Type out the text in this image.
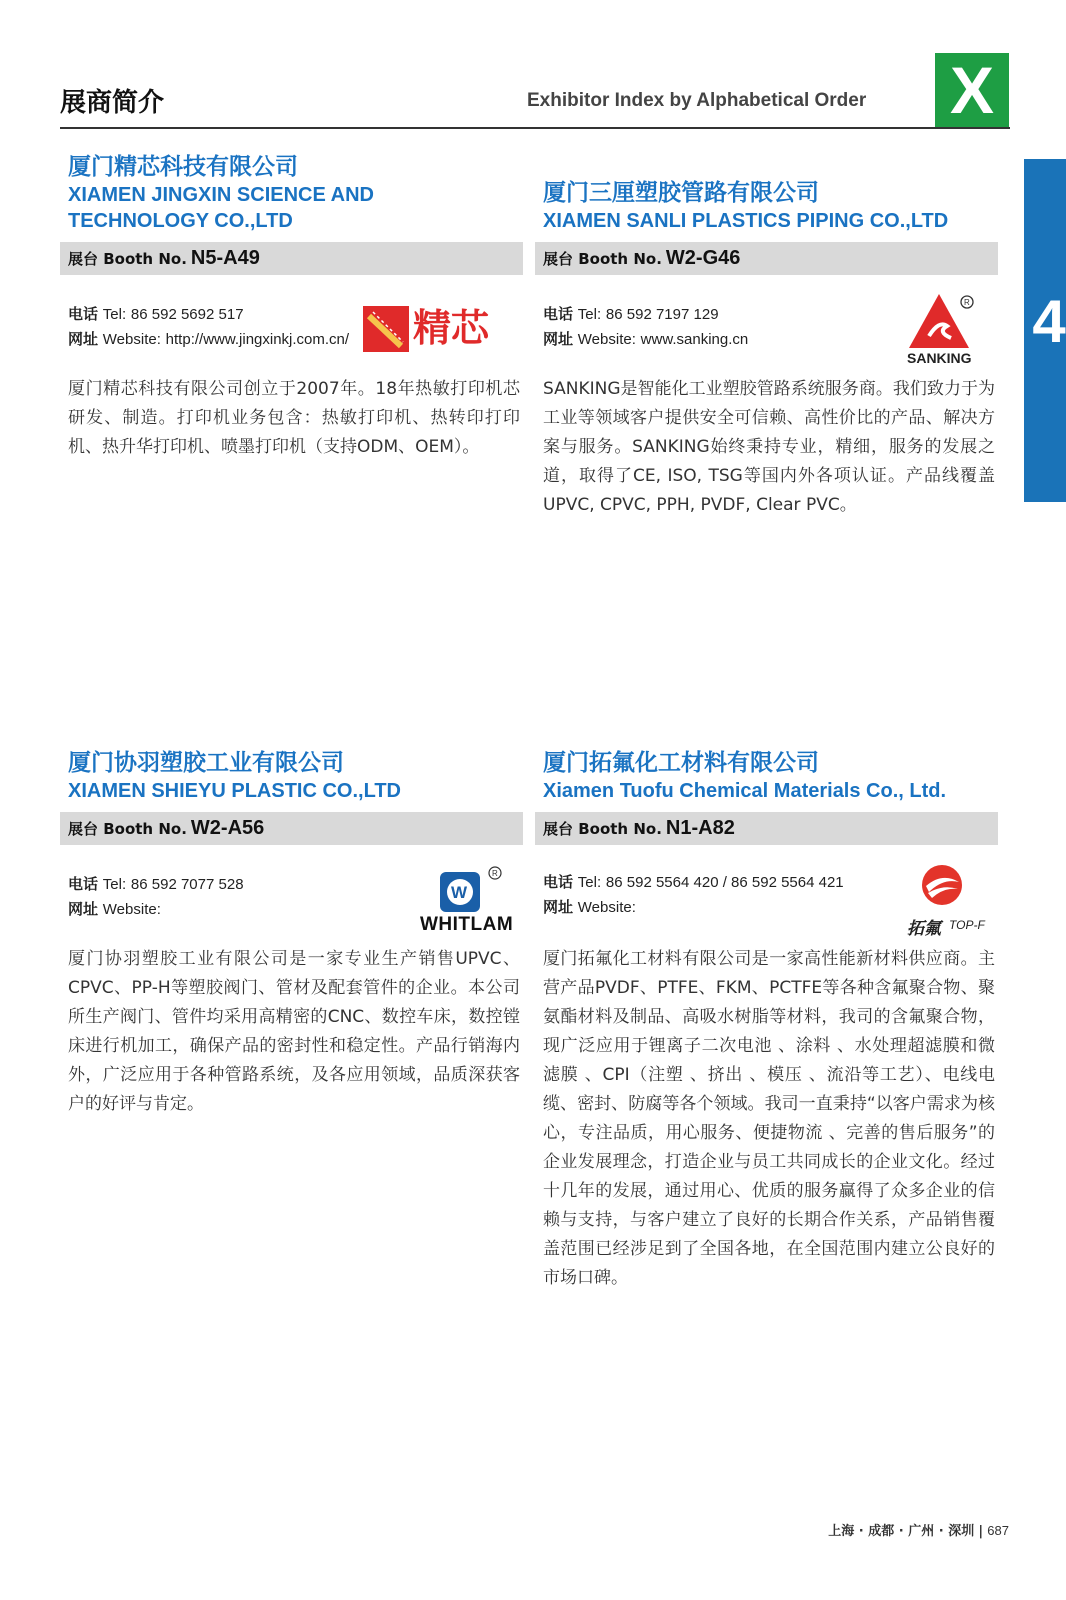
展商简介	Exhibitor Index by Alphabetical Order X
4
厦门精芯科技有限公司
XIAMEN JINGXIN SCIENCE AND
TECHNOLOGY CO.,LTD
展台 Booth No. N5-A49
电话 Tel: 86 592 5692 517
网址 Website: http://www.jingxinkj.com.cn/ 精芯
厦门精芯科技有限公司创立于2007年。18年热敏打印机芯研发、制造。打印机业务包含：热敏打印机、热转印打印机、热升华打印机、喷墨打印机（支持ODM、OEM）。
厦门三厘塑胶管路有限公司
XIAMEN SANLI PLASTICS PIPING CO.,LTD
展台 Booth No. W2-G46
电话 Tel: 86 592 7197 129
网址 Website: www.sanking.cn
R
SANKING
SANKING是智能化工业塑胶管路系统服务商。我们致力于为工业等领域客户提供安全可信赖、高性价比的产品、解决方案与服务。SANKING始终秉持专业，精细，服务的发展之道，取得了CE, ISO, TSG等国内外各项认证。产品线覆盖UPVC, CPVC, PPH, PVDF, Clear PVC。
厦门协羽塑胶工业有限公司
XIAMEN SHIEYU PLASTIC CO.,LTD
展台 Booth No. W2-A56
电话 Tel: 86 592 7077 528
网址 Website:
W
R
WHITLAM
厦门协羽塑胶工业有限公司是一家专业生产销售UPVC、CPVC、PP-H等塑胶阀门、管材及配套管件的企业。本公司所生产阀门、管件均采用高精密的CNC、数控车床，数控镗床进行机加工，确保产品的密封性和稳定性。产品行销海内外，广泛应用于各种管路系统，及各应用领域，品质深获客户的好评与肯定。
厦门拓氟化工材料有限公司
Xiamen Tuofu Chemical Materials Co., Ltd.
展台 Booth No. N1-A82
电话 Tel: 86 592 5564 420 / 86 592 5564 421
网址 Website:
拓氟 TOP-F
厦门拓氟化工材料有限公司是一家高性能新材料供应商。主营产品PVDF、PTFE、FKM、PCTFE等各种含氟聚合物、聚氨酯材料及制品、高吸水树脂等材料，我司的含氟聚合物，现广泛应用于锂离子二次电池 、涂料 、水处理超滤膜和微滤膜 、CPI（注塑 、挤出 、模压 、流沿等工艺）、电线电缆、密封、防腐等各个领域。我司一直秉持“以客户需求为核心，专注品质，用心服务、便捷物流 、完善的售后服务”的企业发展理念，打造企业与员工共同成长的企业文化。经过十几年的发展，通过用心、优质的服务赢得了众多企业的信赖与支持，与客户建立了良好的长期合作关系，产品销售覆盖范围已经涉足到了全国各地，在全国范围内建立公良好的市场口碑。
上海 · 成都 · 广州 · 深圳 | 687
